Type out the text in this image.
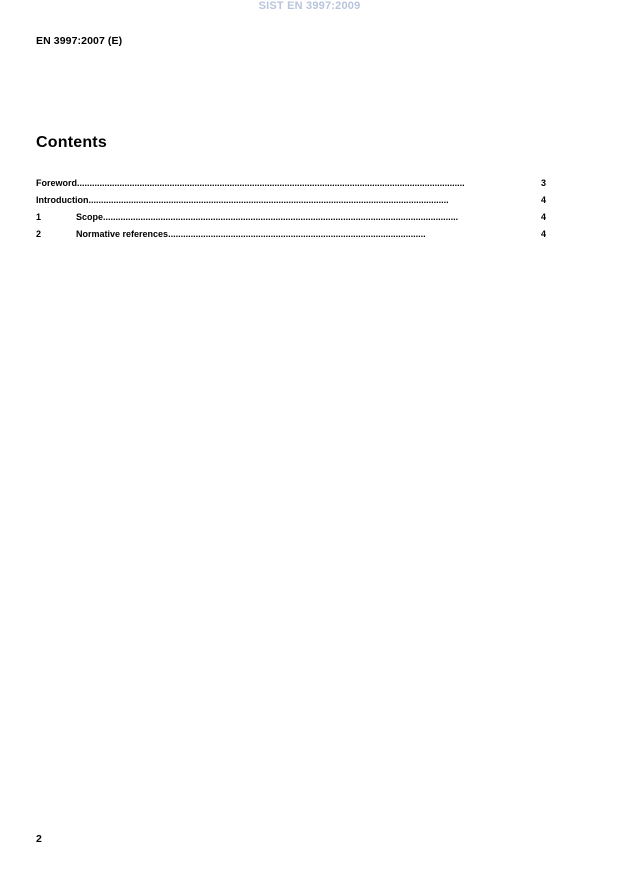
SIST EN 3997:2009
EN 3997:2007 (E)
Contents
Foreword ...........................................................................................................................................................	3
Introduction ................................................................................................................................................	4
1	Scope ..............................................................................................................................................	4
2	Normative references .......................................................................................................	4
2
